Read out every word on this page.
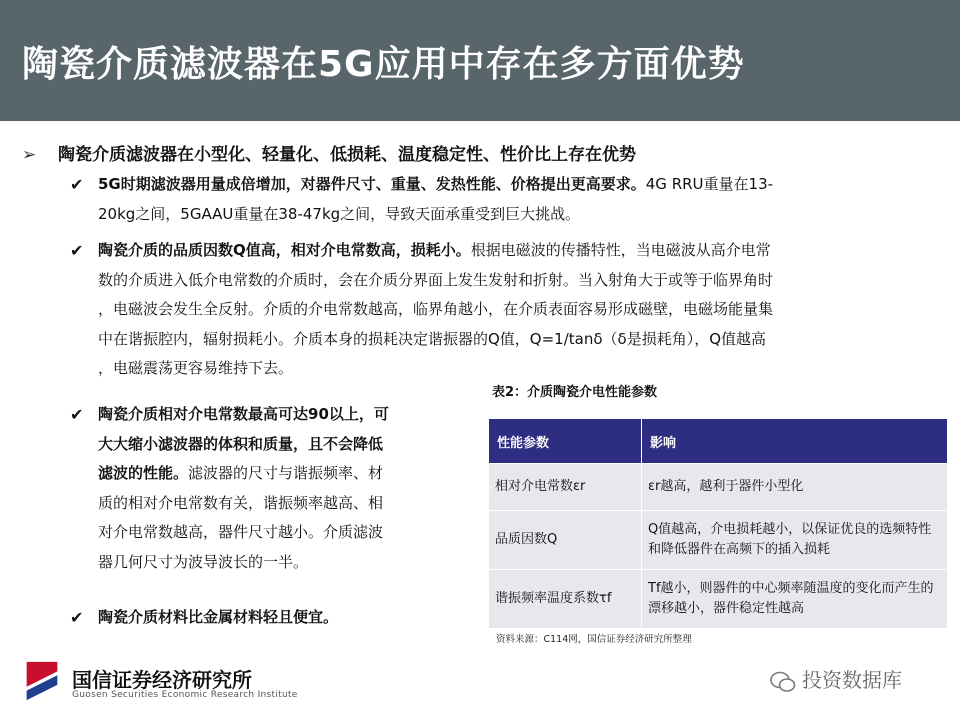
陶瓷介质滤波器在5G应用中存在多方面优势
➢ 陶瓷介质滤波器在小型化、轻量化、低损耗、温度稳定性、性价比上存在优势
✔ 5G时期滤波器用量成倍增加，对器件尺寸、重量、发热性能、价格提出更高要求。4G RRU重量在13-
20kg之间，5GAAU重量在38-47kg之间，导致天面承重受到巨大挑战。
✔ 陶瓷介质的品质因数Q值高，相对介电常数高，损耗小。根据电磁波的传播特性，当电磁波从高介电常
数的介质进入低介电常数的介质时，会在介质分界面上发生发射和折射。当入射角大于或等于临界角时
，电磁波会发生全反射。介质的介电常数越高，临界角越小，在介质表面容易形成磁壁，电磁场能量集
中在谐振腔内，辐射损耗小。介质本身的损耗决定谐振器的Q值，Q=1/tanδ（δ是损耗角），Q值越高
，电磁震荡更容易维持下去。
✔ 陶瓷介质相对介电常数最高可达90以上，可
大大缩小滤波器的体积和质量，且不会降低
滤波的性能。滤波器的尺寸与谐振频率、材
质的相对介电常数有关，谐振频率越高、相
对介电常数越高，器件尺寸越小。介质滤波
器几何尺寸为波导波长的一半。
✔ 陶瓷介质材料比金属材料轻且便宜。
表2：介质陶瓷介电性能参数
性能参数	影响
相对介电常数εr	εr越高，越利于器件小型化
品质因数Q	Q值越高，介电损耗越小，以保证优良的选频特性和降低器件在高频下的插入损耗
谐振频率温度系数τf	Tf越小，则器件的中心频率随温度的变化而产生的漂移越小，器件稳定性越高
资料来源：C114网，国信证券经济研究所整理
国信证券经济研究所
Guosen Securities Economic Research Institute
投资数据库
